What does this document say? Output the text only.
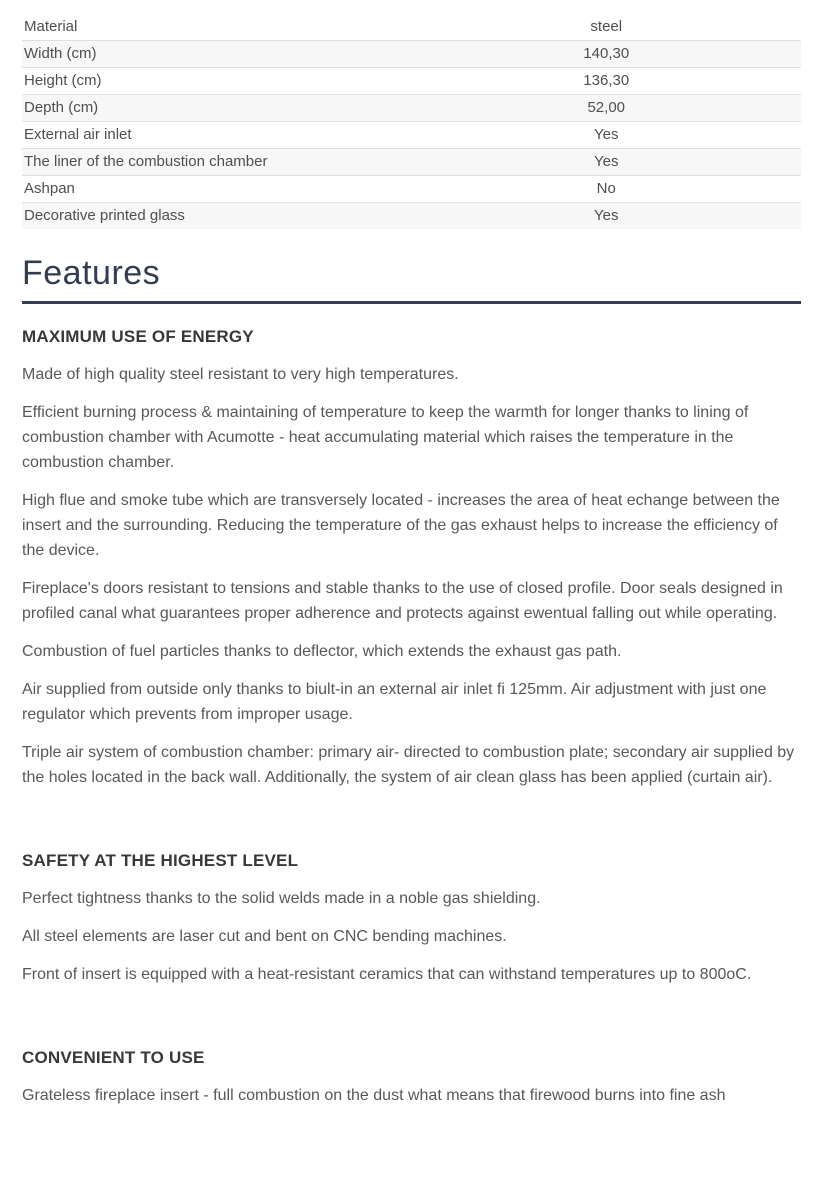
Material	steel
Width (cm)	140,30
Height (cm)	136,30
Depth (cm)	52,00
External air inlet	Yes
The liner of the combustion chamber	Yes
Ashpan	No
Decorative printed glass	Yes
Features
MAXIMUM USE OF ENERGY

Made of high quality steel resistant to very high temperatures.

Efficient burning process & maintaining of temperature to keep the warmth for longer thanks to lining of combustion chamber with Acumotte - heat accumulating material which raises the temperature in the combustion chamber.

High flue and smoke tube which are transversely located - increases the area of heat echange between the insert and the surrounding. Reducing the temperature of the gas exhaust helps to increase the efficiency of the device.

Fireplace's doors resistant to tensions and stable thanks to the use of closed profile. Door seals designed in profiled canal what guarantees proper adherence and protects against ewentual falling out while operating.

Combustion of fuel particles thanks to deflector, which extends the exhaust gas path.

Air supplied from outside only thanks to biult-in an external air inlet fi 125mm. Air adjustment with just one regulator which prevents from improper usage.

Triple air system of combustion chamber: primary air- directed to combustion plate; secondary air supplied by the holes located in the back wall. Additionally, the system of air clean glass has been applied (curtain air).

SAFETY AT THE HIGHEST LEVEL

Perfect tightness thanks to the solid welds made in a noble gas shielding.

All steel elements are laser cut and bent on CNC bending machines.

Front of insert is equipped with a heat-resistant ceramics that can withstand temperatures up to 800oC.

CONVENIENT TO USE

Grateless fireplace insert - full combustion on the dust what means that firewood burns into fine ash
